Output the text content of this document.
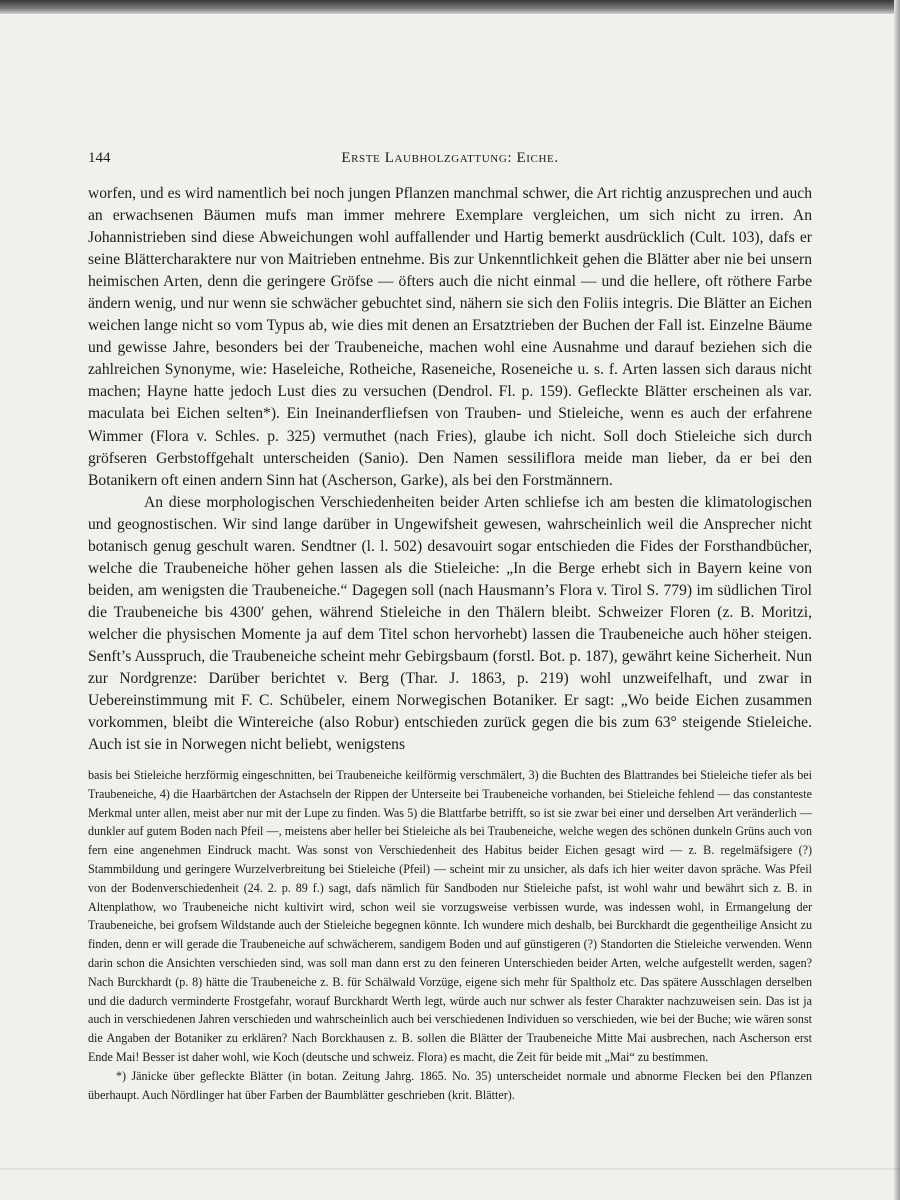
144	Erste Laubholzgattung: Eiche.

worfen, und es wird namentlich bei noch jungen Pflanzen manchmal schwer, die Art richtig anzusprechen und auch an erwachsenen Bäumen mufs man immer mehrere Exemplare vergleichen, um sich nicht zu irren. An Johannistrieben sind diese Abweichungen wohl auffallender und Hartig bemerkt ausdrücklich (Cult. 103), dafs er seine Blättercharaktere nur von Maitrieben entnehme. Bis zur Unkenntlichkeit gehen die Blätter aber nie bei unsern heimischen Arten, denn die geringere Gröfse — öfters auch die nicht einmal — und die hellere, oft röthere Farbe ändern wenig, und nur wenn sie schwächer gebuchtet sind, nähern sie sich den Foliis integris. Die Blätter an Eichen weichen lange nicht so vom Typus ab, wie dies mit denen an Ersatztrieben der Buchen der Fall ist. Einzelne Bäume und gewisse Jahre, besonders bei der Traubeneiche, machen wohl eine Ausnahme und darauf beziehen sich die zahlreichen Synonyme, wie: Haseleiche, Rotheiche, Raseneiche, Roseneiche u. s. f. Arten lassen sich daraus nicht machen; Hayne hatte jedoch Lust dies zu versuchen (Dendrol. Fl. p. 159). Gefleckte Blätter erscheinen als var. maculata bei Eichen selten*). Ein Ineinanderfliefsen von Trauben- und Stieleiche, wenn es auch der erfahrene Wimmer (Flora v. Schles. p. 325) vermuthet (nach Fries), glaube ich nicht. Soll doch Stieleiche sich durch gröfseren Gerbstoffgehalt unterscheiden (Sanio). Den Namen sessiliflora meide man lieber, da er bei den Botanikern oft einen andern Sinn hat (Ascherson, Garke), als bei den Forstmännern.

An diese morphologischen Verschiedenheiten beider Arten schliefse ich am besten die klimatologischen und geognostischen. Wir sind lange darüber in Ungewifsheit gewesen, wahrscheinlich weil die Ansprecher nicht botanisch genug geschult waren. Sendtner (l. l. 502) desavouirt sogar entschieden die Fides der Forsthandbücher, welche die Traubeneiche höher gehen lassen als die Stieleiche: „In die Berge erhebt sich in Bayern keine von beiden, am wenigsten die Traubeneiche.“ Dagegen soll (nach Hausmann’s Flora v. Tirol S. 779) im südlichen Tirol die Traubeneiche bis 4300′ gehen, während Stieleiche in den Thälern bleibt. Schweizer Floren (z. B. Moritzi, welcher die physischen Momente ja auf dem Titel schon hervorhebt) lassen die Traubeneiche auch höher steigen. Senft’s Ausspruch, die Traubeneiche scheint mehr Gebirgsbaum (forstl. Bot. p. 187), gewährt keine Sicherheit. Nun zur Nordgrenze: Darüber berichtet v. Berg (Thar. J. 1863, p. 219) wohl unzweifelhaft, und zwar in Uebereinstimmung mit F. C. Schübeler, einem Norwegischen Botaniker. Er sagt: „Wo beide Eichen zusammen vorkommen, bleibt die Wintereiche (also Robur) entschieden zurück gegen die bis zum 63° steigende Stieleiche. Auch ist sie in Norwegen nicht beliebt, wenigstens

basis bei Stieleiche herzförmig eingeschnitten, bei Traubeneiche keilförmig verschmälert, 3) die Buchten des Blattrandes bei Stieleiche tiefer als bei Traubeneiche, 4) die Haarbärtchen der Astachseln der Rippen der Unterseite bei Traubeneiche vorhanden, bei Stieleiche fehlend — das constanteste Merkmal unter allen, meist aber nur mit der Lupe zu finden. Was 5) die Blattfarbe betrifft, so ist sie zwar bei einer und derselben Art veränderlich — dunkler auf gutem Boden nach Pfeil —, meistens aber heller bei Stieleiche als bei Traubeneiche, welche wegen des schönen dunkeln Grüns auch von fern eine angenehmen Eindruck macht. Was sonst von Verschiedenheit des Habitus beider Eichen gesagt wird — z. B. regelmäfsigere (?) Stammbildung und geringere Wurzelverbreitung bei Stieleiche (Pfeil) — scheint mir zu unsicher, als dafs ich hier weiter davon spräche. Was Pfeil von der Bodenverschiedenheit (24. 2. p. 89 f.) sagt, dafs nämlich für Sandboden nur Stieleiche pafst, ist wohl wahr und bewährt sich z. B. in Altenplathow, wo Traubeneiche nicht kultivirt wird, schon weil sie vorzugsweise verbissen wurde, was indessen wohl, in Ermangelung der Traubeneiche, bei grofsem Wildstande auch der Stieleiche begegnen könnte. Ich wundere mich deshalb, bei Burckhardt die gegentheilige Ansicht zu finden, denn er will gerade die Traubeneiche auf schwächerem, sandigem Boden und auf günstigeren (?) Standorten die Stieleiche verwenden. Wenn darin schon die Ansichten verschieden sind, was soll man dann erst zu den feineren Unterschieden beider Arten, welche aufgestellt werden, sagen? Nach Burckhardt (p. 8) hätte die Traubeneiche z. B. für Schälwald Vorzüge, eigene sich mehr für Spaltholz etc. Das spätere Ausschlagen derselben und die dadurch verminderte Frostgefahr, worauf Burckhardt Werth legt, würde auch nur schwer als fester Charakter nachzuweisen sein. Das ist ja auch in verschiedenen Jahren verschieden und wahrscheinlich auch bei verschiedenen Individuen so verschieden, wie bei der Buche; wie wären sonst die Angaben der Botaniker zu erklären? Nach Borckhausen z. B. sollen die Blätter der Traubeneiche Mitte Mai ausbrechen, nach Ascherson erst Ende Mai! Besser ist daher wohl, wie Koch (deutsche und schweiz. Flora) es macht, die Zeit für beide mit „Mai“ zu bestimmen.

*) Jänicke über gefleckte Blätter (in botan. Zeitung Jahrg. 1865. No. 35) unterscheidet normale und abnorme Flecken bei den Pflanzen überhaupt. Auch Nördlinger hat über Farben der Baumblätter geschrieben (krit. Blätter).
